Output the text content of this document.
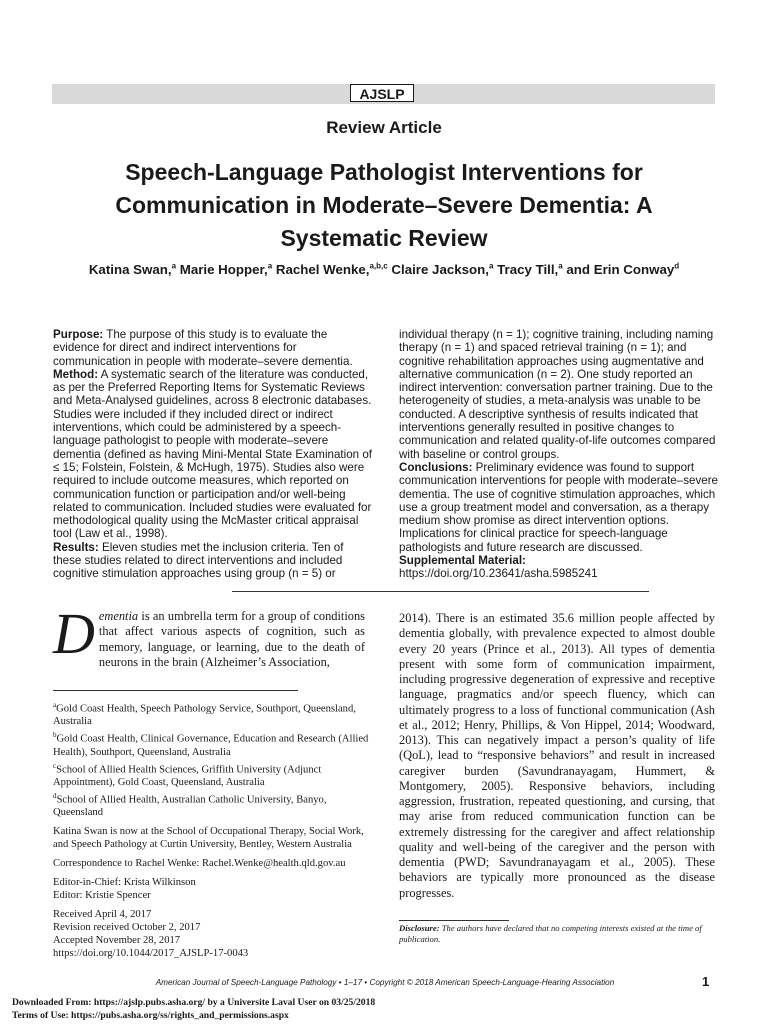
AJSLP
Review Article
Speech-Language Pathologist Interventions for Communication in Moderate–Severe Dementia: A Systematic Review
Katina Swan,$^a$ Marie Hopper,$^a$ Rachel Wenke,$^{a,b,c}$ Claire Jackson,$^a$ Tracy Till,$^a$ and Erin Conway$^d$

Purpose: The purpose of this study is to evaluate the evidence for direct and indirect interventions for communication in people with moderate–severe dementia.

Method: A systematic search of the literature was conducted, as per the Preferred Reporting Items for Systematic Reviews and Meta-Analysed guidelines, across 8 electronic databases. Studies were included if they included direct or indirect interventions, which could be administered by a speech-language pathologist to people with moderate–severe dementia (defined as having Mini-Mental State Examination of ≤ 15; Folstein, Folstein, & McHugh, 1975). Studies also were required to include outcome measures, which reported on communication function or participation and/or well-being related to communication. Included studies were evaluated for methodological quality using the McMaster critical appraisal tool (Law et al., 1998).

Results: Eleven studies met the inclusion criteria. Ten of these studies related to direct interventions and included cognitive stimulation approaches using group (n = 5) or

individual therapy (n = 1); cognitive training, including naming therapy (n = 1) and spaced retrieval training (n = 1); and cognitive rehabilitation approaches using augmentative and alternative communication (n = 2). One study reported an indirect intervention: conversation partner training. Due to the heterogeneity of studies, a meta-analysis was unable to be conducted. A descriptive synthesis of results indicated that interventions generally resulted in positive changes to communication and related quality-of-life outcomes compared with baseline or control groups.

Conclusions: Preliminary evidence was found to support communication interventions for people with moderate–severe dementia. The use of cognitive stimulation approaches, which use a group treatment model and conversation, as a therapy medium show promise as direct intervention options. Implications for clinical practice for speech-language pathologists and future research are discussed.

Supplemental Material: https://doi.org/10.23641/asha.5985241

Dementia is an umbrella term for a group of conditions that affect various aspects of cognition, such as memory, language, or learning, due to the death of neurons in the brain (Alzheimer’s Association,

$^a$Gold Coast Health, Speech Pathology Service, Southport, Queensland, Australia

$^b$Gold Coast Health, Clinical Governance, Education and Research (Allied Health), Southport, Queensland, Australia

$^c$School of Allied Health Sciences, Griffith University (Adjunct Appointment), Gold Coast, Queensland, Australia

$^d$School of Allied Health, Australian Catholic University, Banyo, Queensland

Katina Swan is now at the School of Occupational Therapy, Social Work, and Speech Pathology at Curtin University, Bentley, Western Australia

Correspondence to Rachel Wenke: Rachel.Wenke@health.qld.gov.au

Editor-in-Chief: Krista Wilkinson

Editor: Kristie Spencer

Received April 4, 2017

Revision received October 2, 2017

Accepted November 28, 2017

https://doi.org/10.1044/2017_AJSLP-17-0043

2014). There is an estimated 35.6 million people affected by dementia globally, with prevalence expected to almost double every 20 years (Prince et al., 2013). All types of dementia present with some form of communication impairment, including progressive degeneration of expressive and receptive language, pragmatics and/or speech fluency, which can ultimately progress to a loss of functional communication (Ash et al., 2012; Henry, Phillips, & Von Hippel, 2014; Woodward, 2013). This can negatively impact a person’s quality of life (QoL), lead to “responsive behaviors” and result in increased caregiver burden (Savundranayagam, Hummert, & Montgomery, 2005). Responsive behaviors, including aggression, frustration, repeated questioning, and cursing, that may arise from reduced communication function can be extremely distressing for the caregiver and affect relationship quality and well-being of the caregiver and the person with dementia (PWD; Savundranayagam et al., 2005). These behaviors are typically more pronounced as the disease progresses.
Disclosure: The authors have declared that no competing interests existed at the time of publication.
American Journal of Speech-Language Pathology • 1–17 • Copyright © 2018 American Speech-Language-Hearing Association	1

Downloaded From: https://ajslp.pubs.asha.org/ by a Universite Laval User on 03/25/2018

Terms of Use: https://pubs.asha.org/ss/rights_and_permissions.aspx
